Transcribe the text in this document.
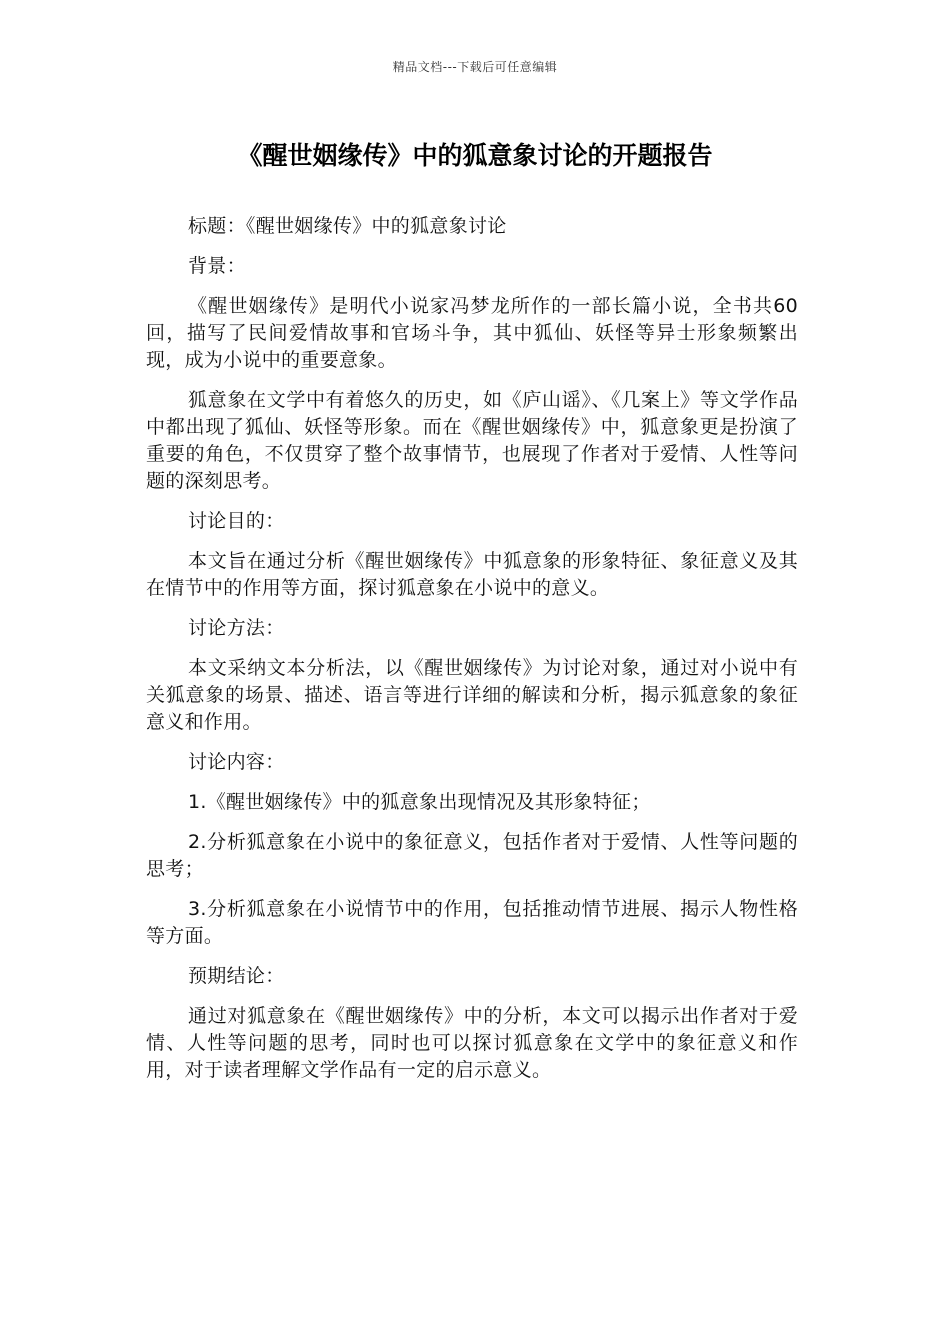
精品文档---下载后可任意编辑
《醒世姻缘传》中的狐意象讨论的开题报告

标题：《醒世姻缘传》中的狐意象讨论

背景：

《醒世姻缘传》是明代小说家冯梦龙所作的一部长篇小说，全书共60回，描写了民间爱情故事和官场斗争，其中狐仙、妖怪等异士形象频繁出现，成为小说中的重要意象。

狐意象在文学中有着悠久的历史，如《庐山谣》、《几案上》等文学作品中都出现了狐仙、妖怪等形象。而在《醒世姻缘传》中，狐意象更是扮演了重要的角色，不仅贯穿了整个故事情节，也展现了作者对于爱情、人性等问题的深刻思考。

讨论目的：

本文旨在通过分析《醒世姻缘传》中狐意象的形象特征、象征意义及其在情节中的作用等方面，探讨狐意象在小说中的意义。

讨论方法：

本文采纳文本分析法，以《醒世姻缘传》为讨论对象，通过对小说中有关狐意象的场景、描述、语言等进行详细的解读和分析，揭示狐意象的象征意义和作用。

讨论内容：

1.《醒世姻缘传》中的狐意象出现情况及其形象特征；

2.分析狐意象在小说中的象征意义，包括作者对于爱情、人性等问题的思考；

3.分析狐意象在小说情节中的作用，包括推动情节进展、揭示人物性格等方面。

预期结论：

通过对狐意象在《醒世姻缘传》中的分析，本文可以揭示出作者对于爱情、人性等问题的思考，同时也可以探讨狐意象在文学中的象征意义和作用，对于读者理解文学作品有一定的启示意义。
